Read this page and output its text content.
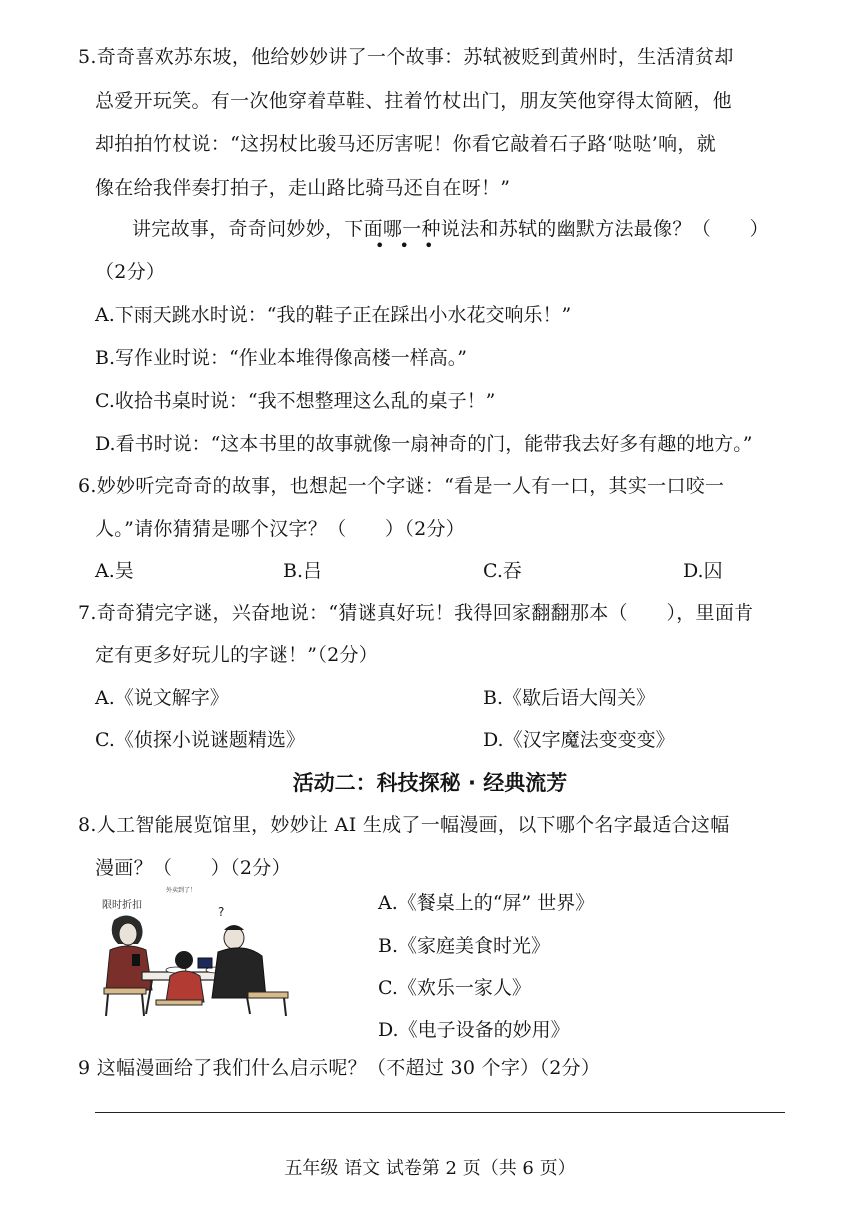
5.奇奇喜欢苏东坡，他给妙妙讲了一个故事：苏轼被贬到黄州时，生活清贫却
总爱开玩笑。有一次他穿着草鞋、拄着竹杖出门，朋友笑他穿得太简陋，他
却拍拍竹杖说：“这拐杖比骏马还厉害呢！你看它敲着石子路‘哒哒’响，就
像在给我伴奏打拍子，走山路比骑马还自在呀！”
讲完故事，奇奇问妙妙，下面哪一种说法和苏轼的幽默方法最像？（　　）
• • •
（2分）
A.下雨天跳水时说：“我的鞋子正在踩出小水花交响乐！”
B.写作业时说：“作业本堆得像高楼一样高。”
C.收拾书桌时说：“我不想整理这么乱的桌子！”
D.看书时说：“这本书里的故事就像一扇神奇的门，能带我去好多有趣的地方。”
6.妙妙听完奇奇的故事，也想起一个字谜：“看是一人有一口，其实一口咬一
人。”请你猜猜是哪个汉字？（　　）（2分）
A.吴	B.吕	C.吞	D.囚
7.奇奇猜完字谜，兴奋地说：“猜谜真好玩！我得回家翻翻那本（　　），里面肯
定有更多好玩儿的字谜！”（2分）
A.《说文解字》	B.《歇后语大闯关》
C.《侦探小说谜题精选》	D.《汉字魔法变变变》
活动二：科技探秘 · 经典流芳
8.人工智能展览馆里，妙妙让 AI 生成了一幅漫画，以下哪个名字最适合这幅
漫画？（　　）（2分）
限时折扣
外卖到了！
?	A.《餐桌上的“屏” 世界》
B.《家庭美食时光》
C.《欢乐一家人》
D.《电子设备的妙用》
9 这幅漫画给了我们什么启示呢？（不超过 30 个字）（2分）
五年级 语文 试卷第 2 页（共 6 页）
